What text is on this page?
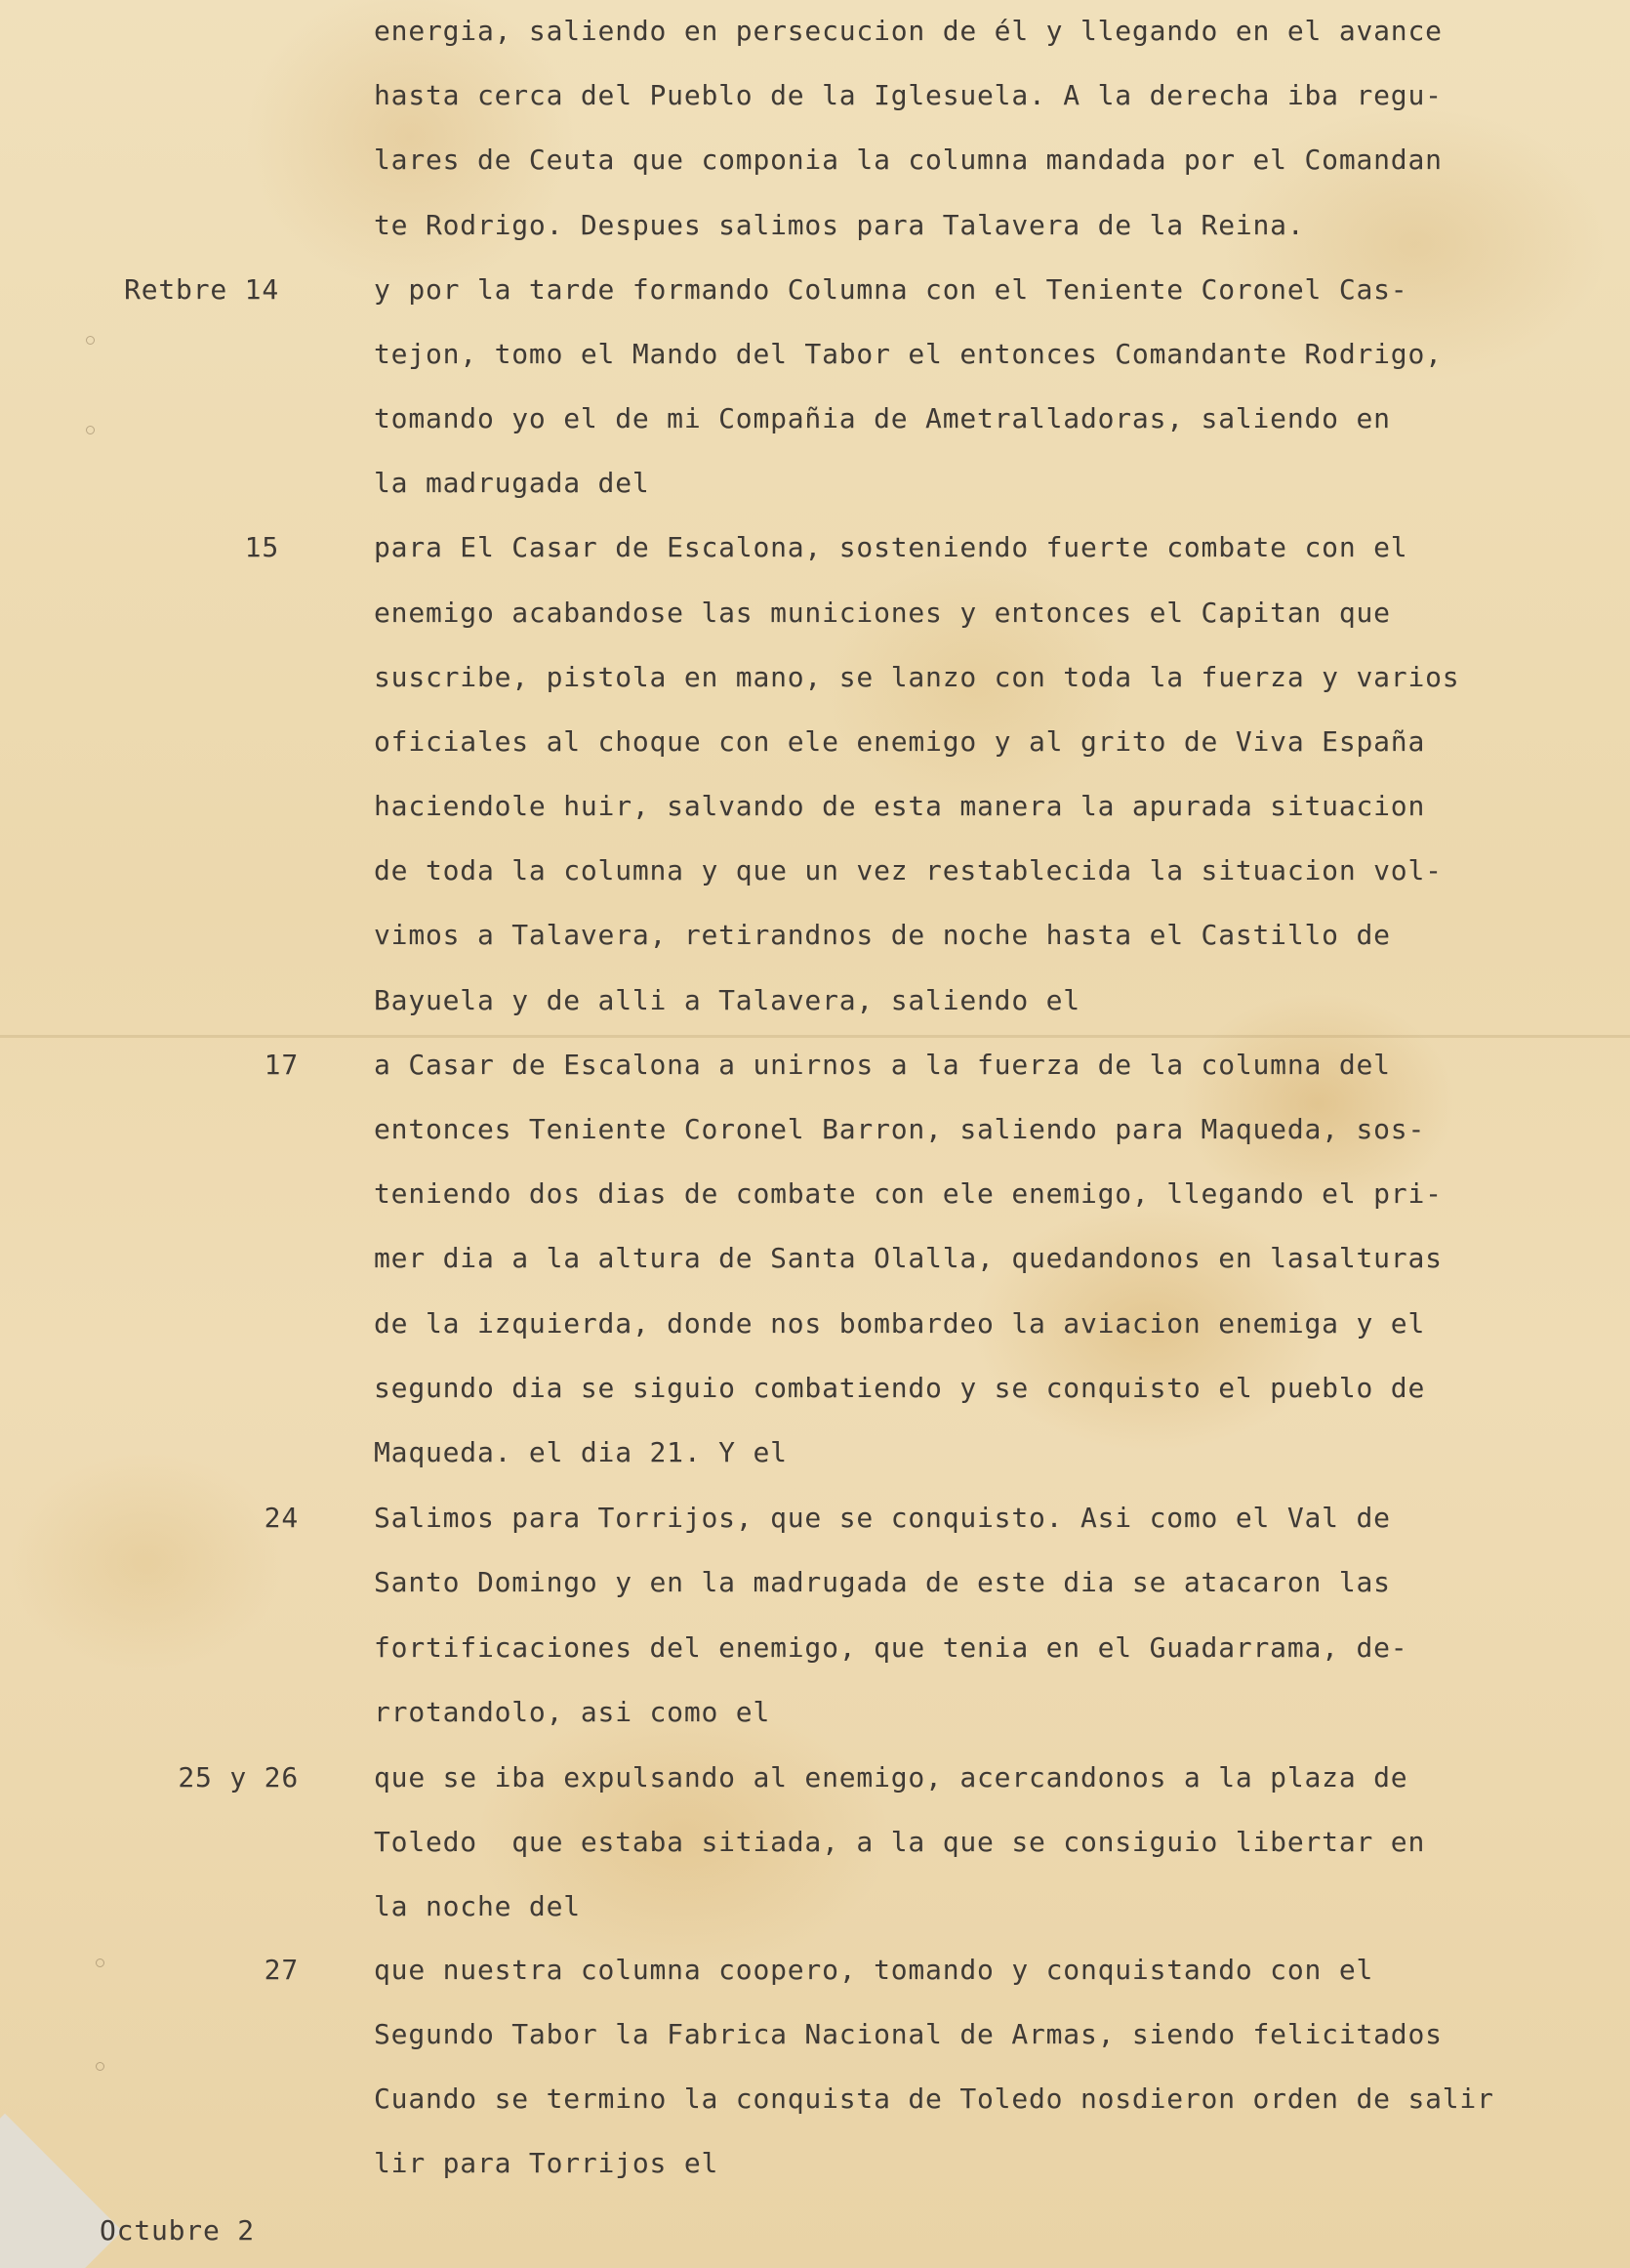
Retbre 14
15
17
24
25 y 26
27
Octubre 2

energia, saliendo en persecucion de él y llegando en el avance

hasta cerca del Pueblo de la Iglesuela. A la derecha iba regu-

lares de Ceuta que componia la columna mandada por el Comandan

te Rodrigo. Despues salimos para Talavera de la Reina.

y por la tarde formando Columna con el Teniente Coronel Cas-

tejon, tomo el Mando del Tabor el entonces Comandante Rodrigo,

tomando yo el de mi Compañia de Ametralladoras, saliendo en

la madrugada del

para El Casar de Escalona, sosteniendo fuerte combate con el

enemigo acabandose las municiones y entonces el Capitan que

suscribe, pistola en mano, se lanzo con toda la fuerza y varios

oficiales al choque con ele enemigo y al grito de Viva España

haciendole huir, salvando de esta manera la apurada situacion

de toda la columna y que un vez restablecida la situacion vol-

vimos a Talavera, retirandnos de noche hasta el Castillo de

Bayuela y de alli a Talavera, saliendo el

a Casar de Escalona a unirnos a la fuerza de la columna del

entonces Teniente Coronel Barron, saliendo para Maqueda, sos-

teniendo dos dias de combate con ele enemigo, llegando el pri-

mer dia a la altura de Santa Olalla, quedandonos en lasalturas

de la izquierda, donde nos bombardeo la aviacion enemiga y el

segundo dia se siguio combatiendo y se conquisto el pueblo de

Maqueda. el dia 21. Y el

Salimos para Torrijos, que se conquisto. Asi como el Val de

Santo Domingo y en la madrugada de este dia se atacaron las

fortificaciones del enemigo, que tenia en el Guadarrama, de-

rrotandolo, asi como el

que se iba expulsando al enemigo, acercandonos a la plaza de

Toledo  que estaba sitiada, a la que se consiguio libertar en

la noche del

que nuestra columna coopero, tomando y conquistando con el

Segundo Tabor la Fabrica Nacional de Armas, siendo felicitados

Cuando se termino la conquista de Toledo nosdieron orden de salir

lir para Torrijos el
